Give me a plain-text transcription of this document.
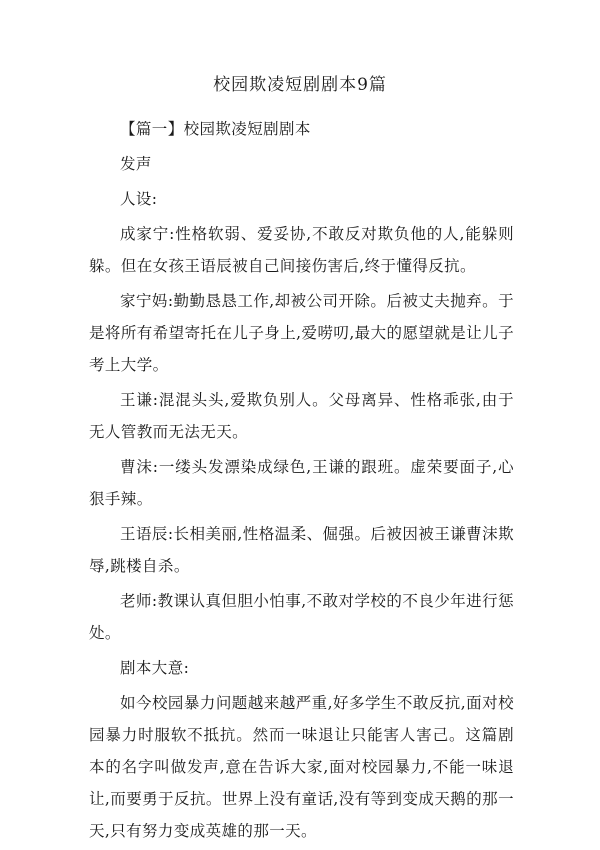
校园欺凌短剧剧本9篇

【篇一】校园欺凌短剧剧本

发声

人设:

成家宁:性格软弱、爱妥协,不敢反对欺负他的人,能躲则躲。但在女孩王语辰被自己间接伤害后,终于懂得反抗。

家宁妈:勤勤恳恳工作,却被公司开除。后被丈夫抛弃。于是将所有希望寄托在儿子身上,爱唠叨,最大的愿望就是让儿子考上大学。

王谦:混混头头,爱欺负别人。父母离异、性格乖张,由于无人管教而无法无天。

曹沫:一缕头发漂染成绿色,王谦的跟班。虚荣要面子,心狠手辣。

王语辰:长相美丽,性格温柔、倔强。后被因被王谦曹沫欺辱,跳楼自杀。

老师:教课认真但胆小怕事,不敢对学校的不良少年进行惩处。

剧本大意:

如今校园暴力问题越来越严重,好多学生不敢反抗,面对校园暴力时服软不抵抗。然而一味退让只能害人害己。这篇剧本的名字叫做发声,意在告诉大家,面对校园暴力,不能一味退让,而要勇于反抗。世界上没有童话,没有等到变成天鹅的那一天,只有努力变成英雄的那一天。
